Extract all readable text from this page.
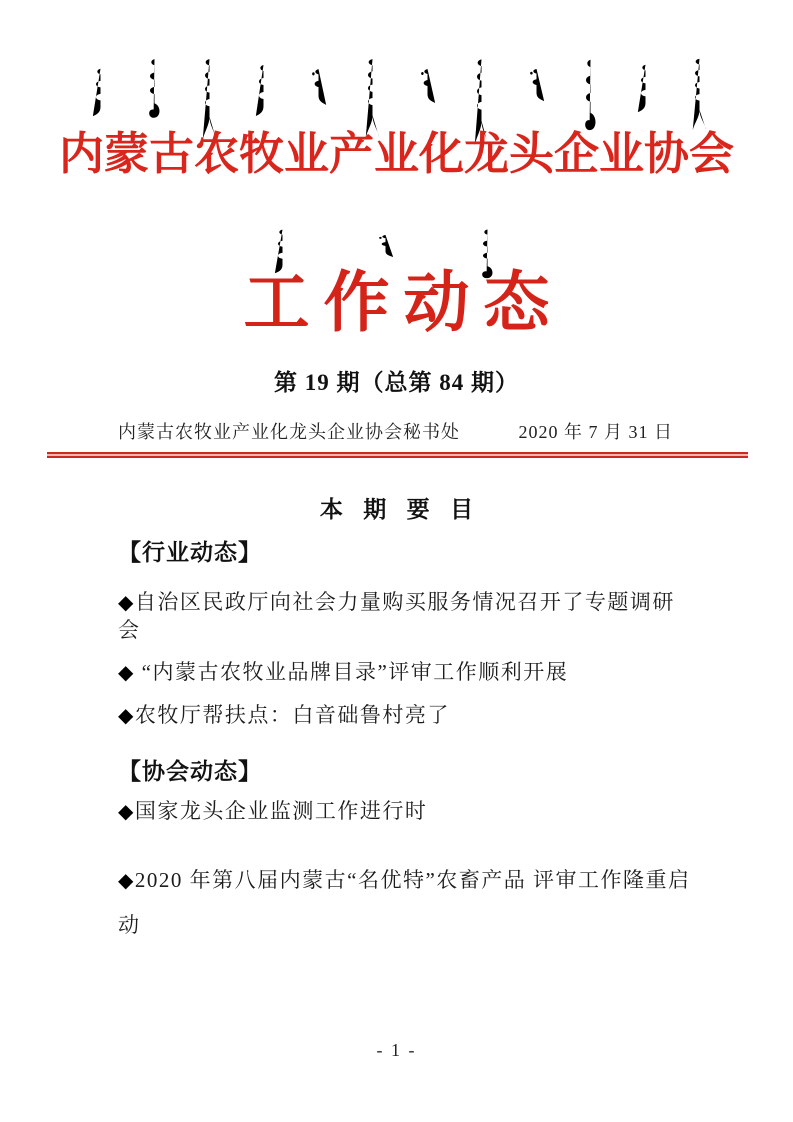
内蒙古农牧业产业化龙头企业协会
工作动态
第 19 期（总第 84 期）
内蒙古农牧业产业化龙头企业协会秘书处	2020 年 7 月 31 日
本 期 要 目
【行业动态】
◆自治区民政厅向社会力量购买服务情况召开了专题调研会
◆ “内蒙古农牧业品牌目录”评审工作顺利开展
◆农牧厅帮扶点：白音础鲁村亮了
【协会动态】
◆国家龙头企业监测工作进行时
◆2020 年第八届内蒙古“名优特”农畜产品 评审工作隆重启动
- 1 -
